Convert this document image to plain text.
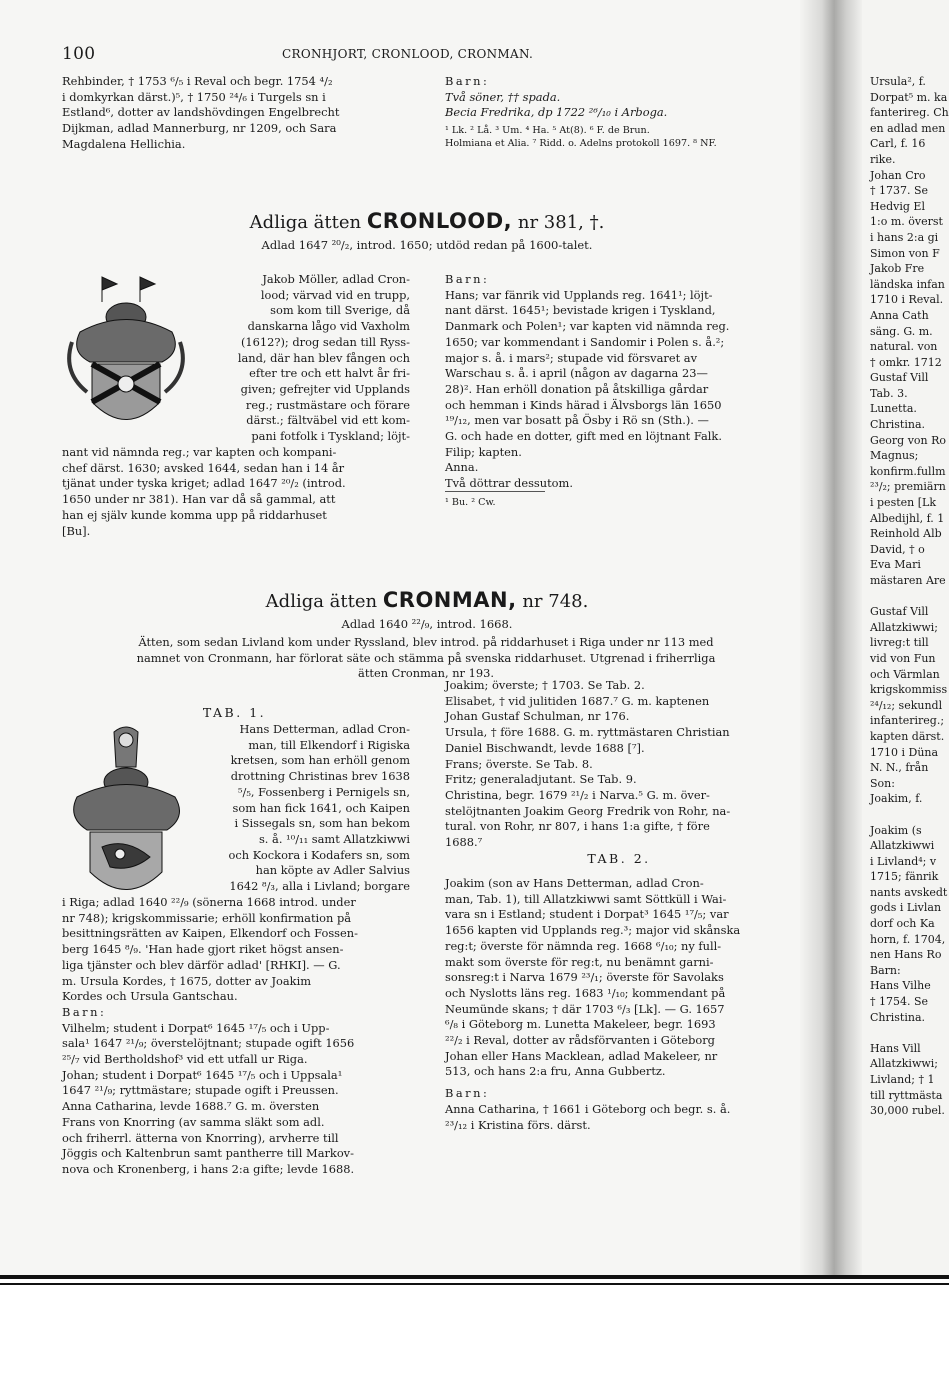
100	CRONHJORT, CRONLOOD, CRONMAN.
Rehbinder, † 1753 ⁶/₅ i Reval och begr. 1754 ⁴/₂
i domkyrkan därst.)⁵, † 1750 ²⁴/₆ i Turgels sn i
Estland⁶, dotter av landshövdingen Engelbrecht
Dijkman, adlad Mannerburg, nr 1209, och Sara
Magdalena Hellichia.
Barn:
Två söner, †† spada.
Becia Fredrika, dp 1722 ²⁶/₁₀ i Arboga.
¹ Lk. ² Lå. ³ Um. ⁴ Ha. ⁵ At(8). ⁶ F. de Brun.
Holmiana et Alia. ⁷ Ridd. o. Adelns protokoll 1697. ⁸ NF.
Adliga ätten CRONLOOD, nr 381, †.
Adlad 1647 ²⁰/₂, introd. 1650; utdöd redan på 1600-talet.
Jakob Möller, adlad Cron-
lood; värvad vid en trupp,
som kom till Sverige, då
danskarna lågo vid Vaxholm
(1612?); drog sedan till Ryss-
land, där han blev fången och
efter tre och ett halvt år fri-
given; gefrejter vid Upplands
reg.; rustmästare och förare
därst.; fältväbel vid ett kom-
pani fotfolk i Tyskland; löjt-
nant vid nämnda reg.; var kapten och kompani-
chef därst. 1630; avsked 1644, sedan han i 14 år
tjänat under tyska kriget; adlad 1647 ²⁰/₂ (introd.
1650 under nr 381). Han var då så gammal, att
han ej själv kunde komma upp på riddarhuset
[Bu].
Barn:
Hans; var fänrik vid Upplands reg. 1641¹; löjt-
nant därst. 1645¹; bevistade krigen i Tyskland,
Danmark och Polen¹; var kapten vid nämnda reg.
1650; var kommendant i Sandomir i Polen s. å.²;
major s. å. i mars²; stupade vid försvaret av
Warschau s. å. i april (någon av dagarna 23—
28)². Han erhöll donation på åtskilliga gårdar
och hemman i Kinds härad i Älvsborgs län 1650
¹⁹/₁₂, men var bosatt på Ösby i Rö sn (Sth.). —
G. och hade en dotter, gift med en löjtnant Falk.
Filip; kapten.
Anna.
Två döttrar dessutom.
¹ Bu. ² Cw.
Adliga ätten CRONMAN, nr 748.
Adlad 1640 ²²/₉, introd. 1668.
Ätten, som sedan Livland kom under Ryssland, blev introd. på riddarhuset i Riga under nr 113 med
namnet von Cronmann, har förlorat säte och stämma på svenska riddarhuset. Utgrenad i friherrliga
ätten Cronman, nr 193.
TAB. 1.
Hans Detterman, adlad Cron-
man, till Elkendorf i Rigiska
kretsen, som han erhöll genom
drottning Christinas brev 1638
⁵/₅, Fossenberg i Pernigels sn,
som han fick 1641, och Kaipen
i Sissegals sn, som han bekom
s. å. ¹⁰/₁₁ samt Allatzkiwwi
och Kockora i Kodafers sn, som
han köpte av Adler Salvius
1642 ⁸/₃, alla i Livland; borgare
i Riga; adlad 1640 ²²/₉ (sönerna 1668 introd. under
nr 748); krigskommissarie; erhöll konfirmation på
besittningsrätten av Kaipen, Elkendorf och Fossen-
berg 1645 ⁸/₉. 'Han hade gjort riket högst ansen-
liga tjänster och blev därför adlad' [RHKI]. — G.
m. Ursula Kordes, † 1675, dotter av Joakim
Kordes och Ursula Gantschau.
Barn:
Vilhelm; student i Dorpat⁶ 1645 ¹⁷/₅ och i Upp-
sala¹ 1647 ²¹/₉; överstelöjtnant; stupade ogift 1656
²⁵/₇ vid Bertholdshof³ vid ett utfall ur Riga.
Johan; student i Dorpat⁶ 1645 ¹⁷/₅ och i Uppsala¹
1647 ²¹/₉; ryttmästare; stupade ogift i Preussen.
Anna Catharina, levde 1688.⁷ G. m. översten
Frans von Knorring (av samma släkt som adl.
och friherrl. ätterna von Knorring), arvherre till
Jöggis och Kaltenbrun samt pantherre till Markov-
nova och Kronenberg, i hans 2:a gifte; levde 1688.
Joakim; överste; † 1703. Se Tab. 2.
Elisabet, † vid julitiden 1687.⁷ G. m. kaptenen
Johan Gustaf Schulman, nr 176.
Ursula, † före 1688. G. m. ryttmästaren Christian
Daniel Bischwandt, levde 1688 [⁷].
Frans; överste. Se Tab. 8.
Fritz; generaladjutant. Se Tab. 9.
Christina, begr. 1679 ²¹/₂ i Narva.⁵ G. m. över-
stelöjtnanten Joakim Georg Fredrik von Rohr, na-
tural. von Rohr, nr 807, i hans 1:a gifte, † före
1688.⁷
TAB. 2.
Joakim (son av Hans Detterman, adlad Cron-
man, Tab. 1), till Allatzkiwwi samt Söttküll i Wai-
vara sn i Estland; student i Dorpat³ 1645 ¹⁷/₅; var
1656 kapten vid Upplands reg.³; major vid skånska
reg:t; överste för nämnda reg. 1668 ⁶/₁₀; ny full-
makt som överste för reg:t, nu benämnt garni-
sonsreg:t i Narva 1679 ²³/₁; överste för Savolaks
och Nyslotts läns reg. 1683 ¹/₁₀; kommendant på
Neumünde skans; † där 1703 ⁶/₃ [Lk]. — G. 1657
⁶/₈ i Göteborg m. Lunetta Makeleer, begr. 1693
²²/₂ i Reval, dotter av rådsförvanten i Göteborg
Johan eller Hans Macklean, adlad Makeleer, nr
513, och hans 2:a fru, Anna Gubbertz.
Barn:
Anna Catharina, † 1661 i Göteborg och begr. s. å.
²³/₁₂ i Kristina förs. därst.
Ursula², f.
Dorpat⁵ m. ka
fanterireg. Ch
en adlad men
Carl, f. 16
rike.
Johan Cro
† 1737. Se
Hedvig El
1:o m. överst
i hans 2:a gi
Simon von F
Jakob Fre
ländska infan
1710 i Reval.
Anna Cath
säng. G. m.
natural. von
† omkr. 1712
Gustaf Vill
Tab. 3.
Lunetta.
Christina.
Georg von Ro
Magnus;
konfirm.fullm
²³/₂; premiärn
i pesten [Lk
Albedijhl, f. 1
Reinhold Alb
David, † o
Eva Mari
mästaren Are

Gustaf Vill
Allatzkiwwi;
livreg:t till
vid von Fun
och Värmlan
krigskommiss
²⁴/₁₂; sekundl
infanterireg.;
kapten därst.
1710 i Düna
N. N., från
Son:
Joakim, f.

Joakim (s
Allatzkiwwi
i Livland⁴; v
1715; fänrik
nants avskedt
gods i Livlan
dorf och Ka
horn, f. 1704,
nen Hans Ro
Barn:
Hans Vilhe
† 1754. Se
Christina.

Hans Vill
Allatzkiwwi;
Livland; † 1
till ryttmästa
30,000 rubel.
